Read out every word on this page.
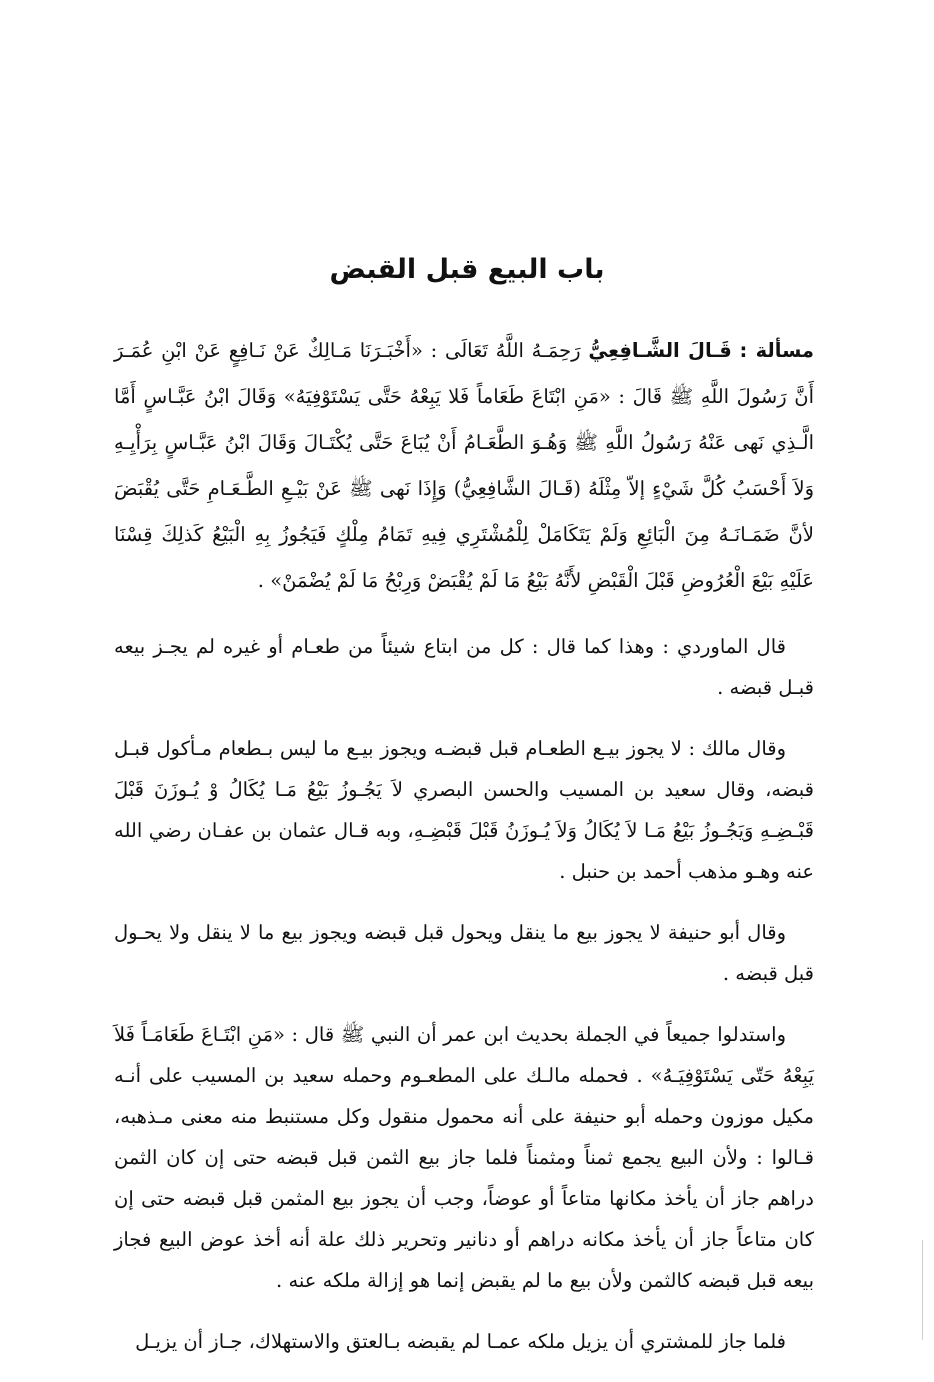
باب البيع قبل القبض

مسألة : قَـالَ الشَّـافِعِيُّ رَحِمَـهُ اللَّهُ تَعَالَى : «أَخْبَـرَنَا مَـالِكٌ عَنْ نَـافِعٍ عَنْ ابْنِ عُمَـرَ أَنَّ رَسُولَ اللَّهِ ﷺ قَالَ : «مَنِ ابْتَاعَ طَعَاماً فَلا يَبِعْهُ حَتَّى يَسْتَوْفِيَهُ» وَقَالَ ابْنُ عَبَّـاسٍ أَمَّا الَّـذِي نَهى عَنْهُ رَسُولُ اللَّهِ ﷺ وَهُـوَ الطَّعَـامُ أَنْ يُبَاعَ حَتَّى يُكْتَـالَ وَقَالَ ابْنُ عَبَّـاسٍ بِرَأْيِـهِ وَلاَ أَحْسَبُ كُلَّ شَيْءٍ إلاّ مِثْلَهُ (قَـالَ الشَّافِعِيُّ) وَإِذَا نَهى ﷺ عَنْ بَيْـعِ الطَّـعَـامِ حَتَّى يُقْبَضَ لأنَّ ضَمَـانَـهُ مِنَ الْبَائِعِ وَلَمْ يَتَكَامَلْ لِلْمُشْتَرِي فِيهِ تَمَامُ مِلْكٍ فَيَجُوزُ بِهِ الْبَيْعُ كَذلِكَ قِسْنَا عَلَيْهِ بَيْعَ الْعُرُوضِ قَبْلَ الْقَبْضِ لأَنَّهُ بَيْعُ مَا لَمْ يُقْبَضْ وَرِبْحُ مَا لَمْ يُضْمَنْ» .

قال الماوردي : وهذا كما قال : كل من ابتاع شيئاً من طعـام أو غيره لم يجـز بيعه قبـل قبضه .

وقال مالك : لا يجوز بيـع الطعـام قبل قبضـه ويجوز بيـع ما ليس بـطعام مـأكول قبـل قبضه، وقال سعيد بن المسيب والحسن البصري لاَ يَجُـوزُ بَيْعُ مَـا يُكَالُ وْ يُـوزَنَ قَبْلَ قَبْـضِـهِ وَيَجُـوزُ بَيْعُ مَـا لاَ يُكَالُ وَلاَ يُـوزَنُ قَبْلَ قَبْضِـهِ، وبه قـال عثمان بن عفـان رضي الله عنه وهـو مذهب أحمد بن حنبل .

وقال أبو حنيفة لا يجوز بيع ما ينقل ويحول قبل قبضه ويجوز بيع ما لا ينقل ولا يحـول قبل قبضه .

واستدلوا جميعاً في الجملة بحديث ابن عمر أن النبي ﷺ قال : «مَنِ ابْتَـاعَ طَعَامَـاً فَلاَ يَبِعْهُ حَتّى يَسْتَوْفِيَـهُ» . فحمله مالـك على المطعـوم وحمله سعيد بن المسيب على أنـه مكيل موزون وحمله أبو حنيفة على أنه محمول منقول وكل مستنبط منه معنى مـذهبه، قـالوا : ولأن البيع يجمع ثمناً ومثمناً فلما جاز بيع الثمن قبل قبضه حتى إن كان الثمن دراهم جاز أن يأخذ مكانها متاعاً أو عوضاً، وجب أن يجوز بيع المثمن قبل قبضه حتى إن كان متاعاً جاز أن يأخذ مكانه دراهم أو دنانير وتحرير ذلك علة أنه أخذ عوض البيع فجاز بيعه قبل قبضه كالثمن ولأن بيع ما لم يقبض إنما هو إزالة ملكه عنه .

فلما جاز للمشتري أن يزيل ملكه عمـا لم يقبضه بـالعتق والاستهلاك، جـاز أن يزيـل
